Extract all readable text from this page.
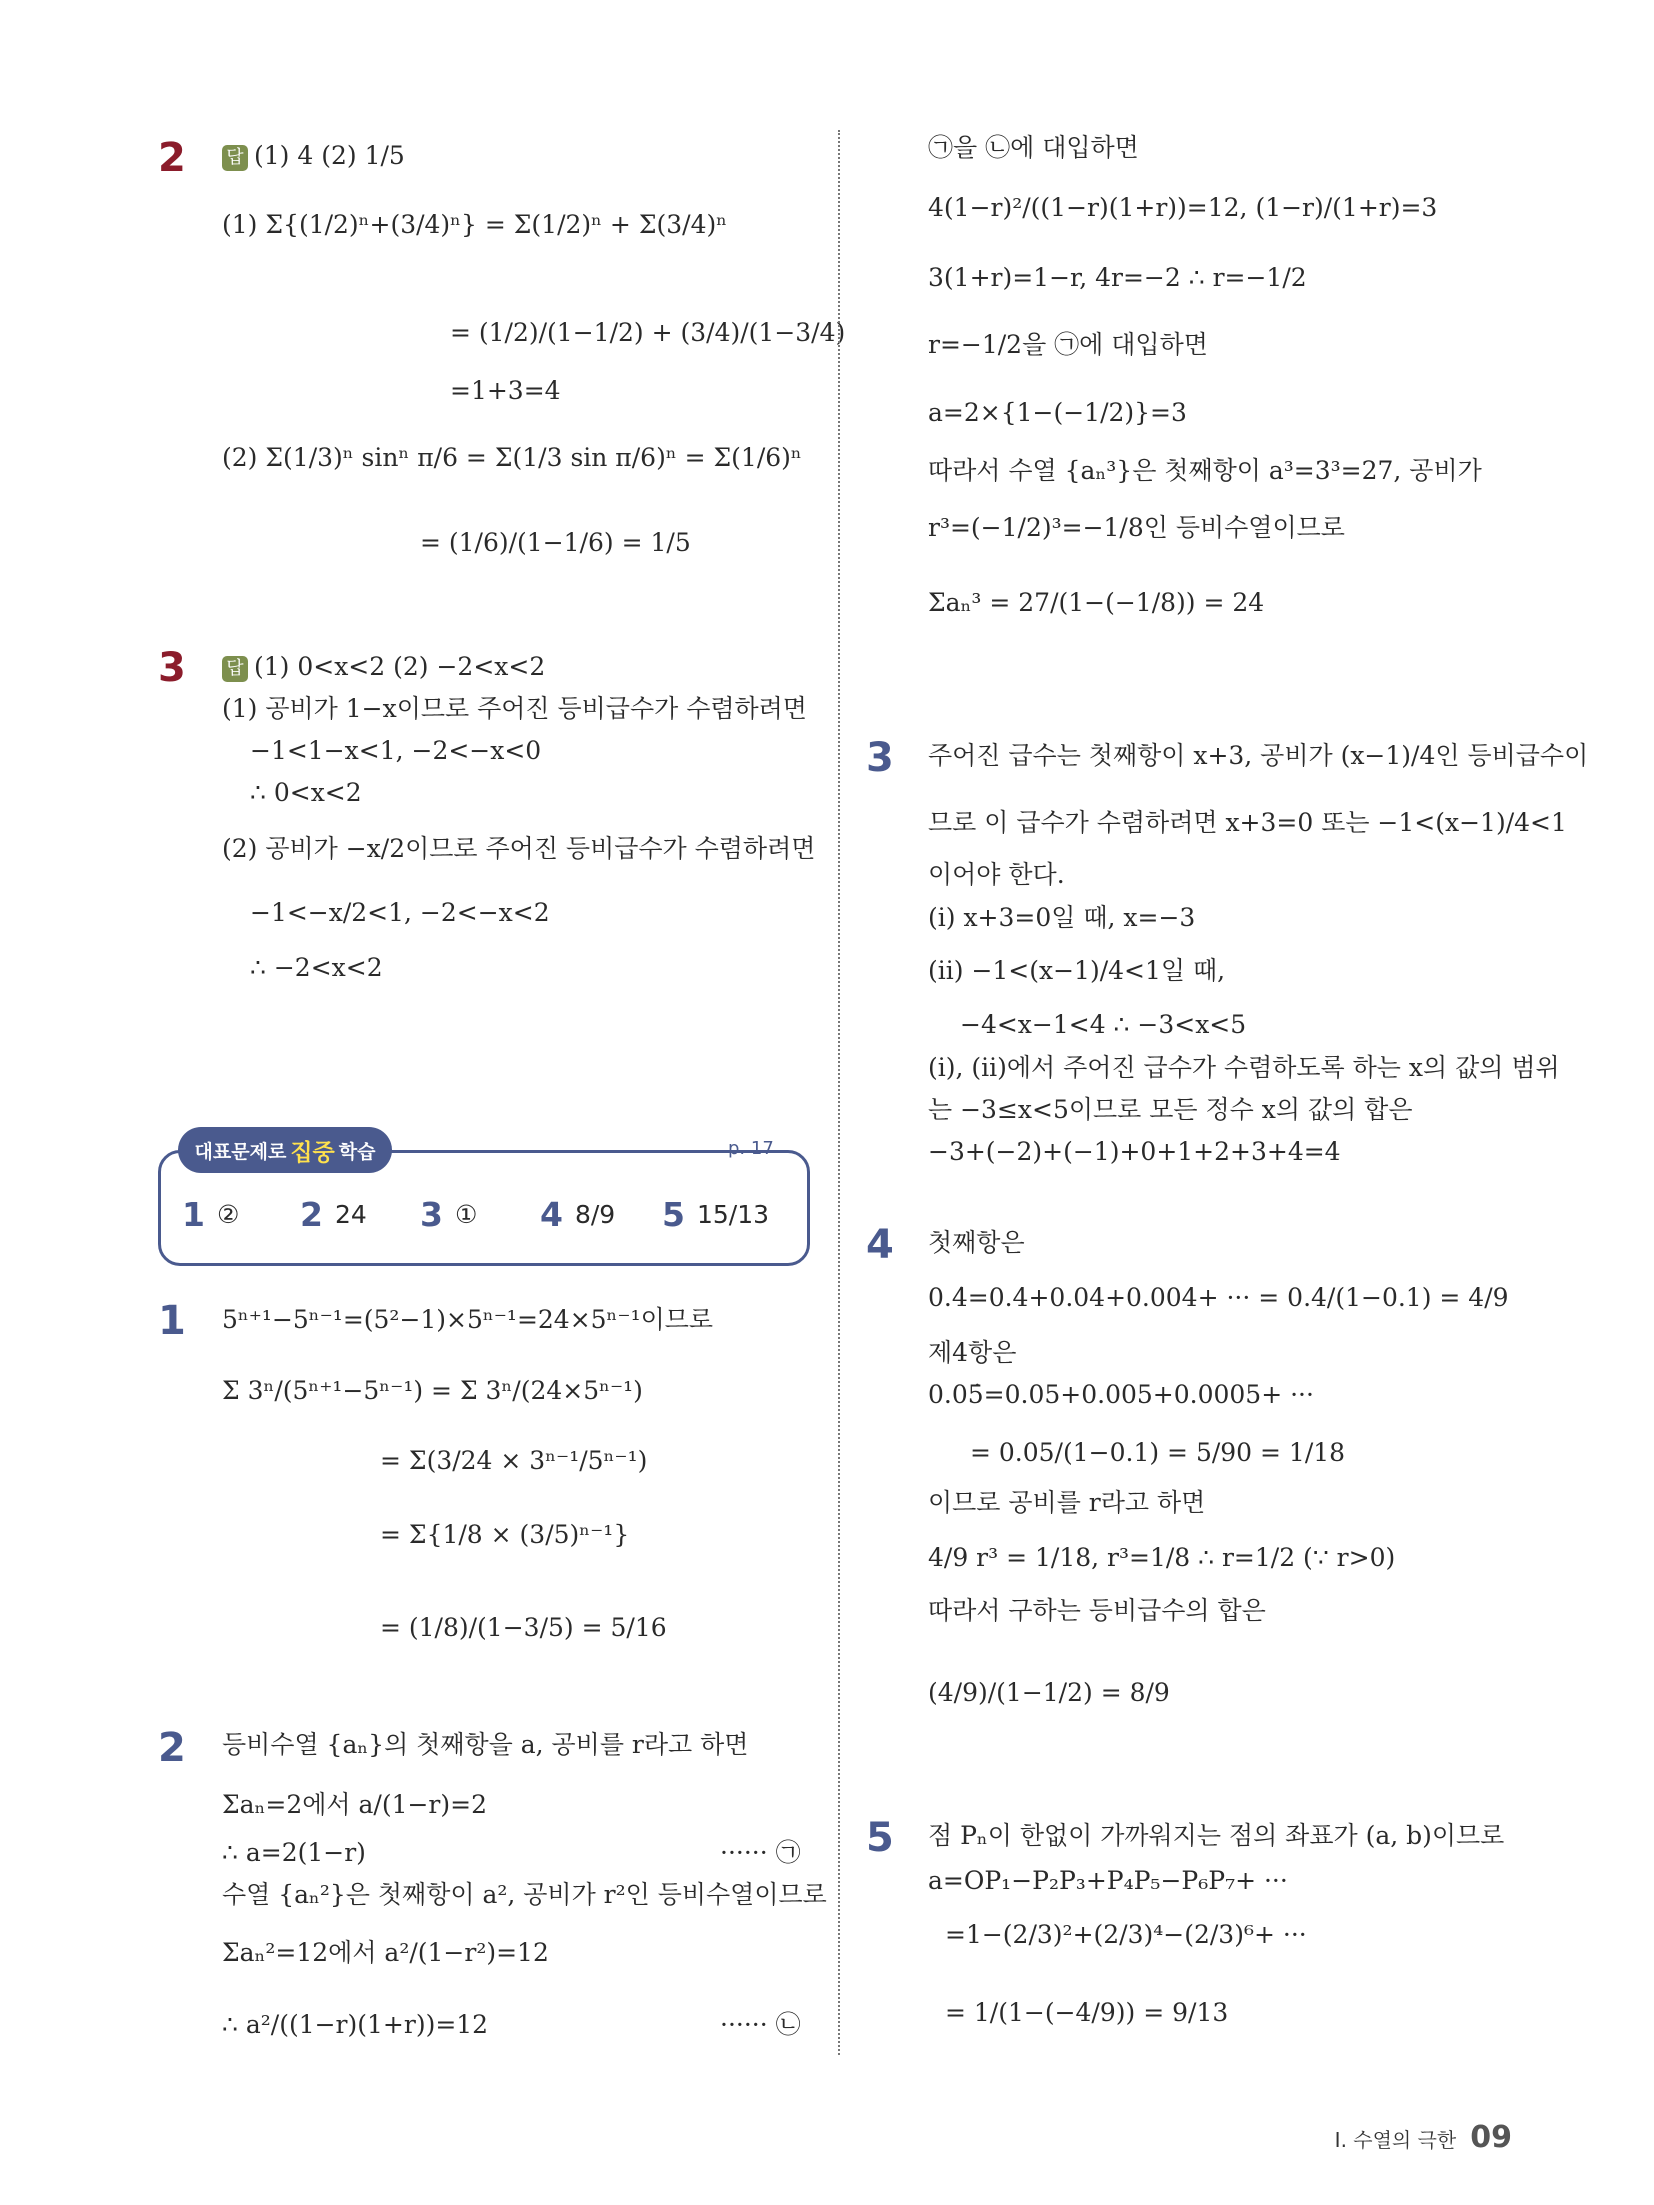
2 답 (1) 4 (2) 1/5
(1) Σ{(1/2)ⁿ+(3/4)ⁿ} = Σ(1/2)ⁿ + Σ(3/4)ⁿ
= (1/2)/(1−1/2) + (3/4)/(1−3/4)
=1+3=4
(2) Σ(1/3)ⁿ sinⁿ π/6 = Σ(1/3 sin π/6)ⁿ = Σ(1/6)ⁿ
= (1/6)/(1−1/6) = 1/5
3 답 (1) 0<x<2 (2) −2<x<2
(1) 공비가 1−x이므로 주어진 등비급수가 수렴하려면
−1<1−x<1, −2<−x<0
∴ 0<x<2
(2) 공비가 −x/2이므로 주어진 등비급수가 수렴하려면
−1<−x/2<1, −2<−x<2
∴ −2<x<2
대표문제로 집중 학습	p. 17
1 ② 2 24 3 ① 4 8/9 5 15/13
1 5ⁿ⁺¹−5ⁿ⁻¹=(5²−1)×5ⁿ⁻¹=24×5ⁿ⁻¹이므로
Σ 3ⁿ/(5ⁿ⁺¹−5ⁿ⁻¹) = Σ 3ⁿ/(24×5ⁿ⁻¹)
= Σ(3/24 × 3ⁿ⁻¹/5ⁿ⁻¹)
= Σ{1/8 × (3/5)ⁿ⁻¹}
= (1/8)/(1−3/5) = 5/16
2 등비수열 {aₙ}의 첫째항을 a, 공비를 r라고 하면
Σaₙ=2에서 a/(1−r)=2
∴ a=2(1−r)	······ ㉠
수열 {aₙ²}은 첫째항이 a², 공비가 r²인 등비수열이므로
Σaₙ²=12에서 a²/(1−r²)=12
∴ a²/((1−r)(1+r))=12	······ ㉡
㉠을 ㉡에 대입하면
4(1−r)²/((1−r)(1+r))=12, (1−r)/(1+r)=3
3(1+r)=1−r, 4r=−2 ∴ r=−1/2
r=−1/2을 ㉠에 대입하면
a=2×{1−(−1/2)}=3
따라서 수열 {aₙ³}은 첫째항이 a³=3³=27, 공비가
r³=(−1/2)³=−1/8인 등비수열이므로
Σaₙ³ = 27/(1−(−1/8)) = 24
3 주어진 급수는 첫째항이 x+3, 공비가 (x−1)/4인 등비급수이
므로 이 급수가 수렴하려면 x+3=0 또는 −1<(x−1)/4<1
이어야 한다.
(ⅰ) x+3=0일 때, x=−3
(ⅱ) −1<(x−1)/4<1일 때,
−4<x−1<4 ∴ −3<x<5
(ⅰ), (ⅱ)에서 주어진 급수가 수렴하도록 하는 x의 값의 범위
는 −3≤x<5이므로 모든 정수 x의 값의 합은
−3+(−2)+(−1)+0+1+2+3+4=4
4 첫째항은
0.4̇=0.4+0.04+0.004+ ··· = 0.4/(1−0.1) = 4/9
제4항은
0.05̇=0.05+0.005+0.0005+ ···
= 0.05/(1−0.1) = 5/90 = 1/18
이므로 공비를 r라고 하면
4/9 r³ = 1/18, r³=1/8 ∴ r=1/2 (∵ r>0)
따라서 구하는 등비급수의 합은
(4/9)/(1−1/2) = 8/9
5 점 Pₙ이 한없이 가까워지는 점의 좌표가 (a, b)이므로
a=OP₁−P₂P₃+P₄P₅−P₆P₇+ ···
=1−(2/3)²+(2/3)⁴−(2/3)⁶+ ···
= 1/(1−(−4/9)) = 9/13
Ⅰ. 수열의 극한 09
